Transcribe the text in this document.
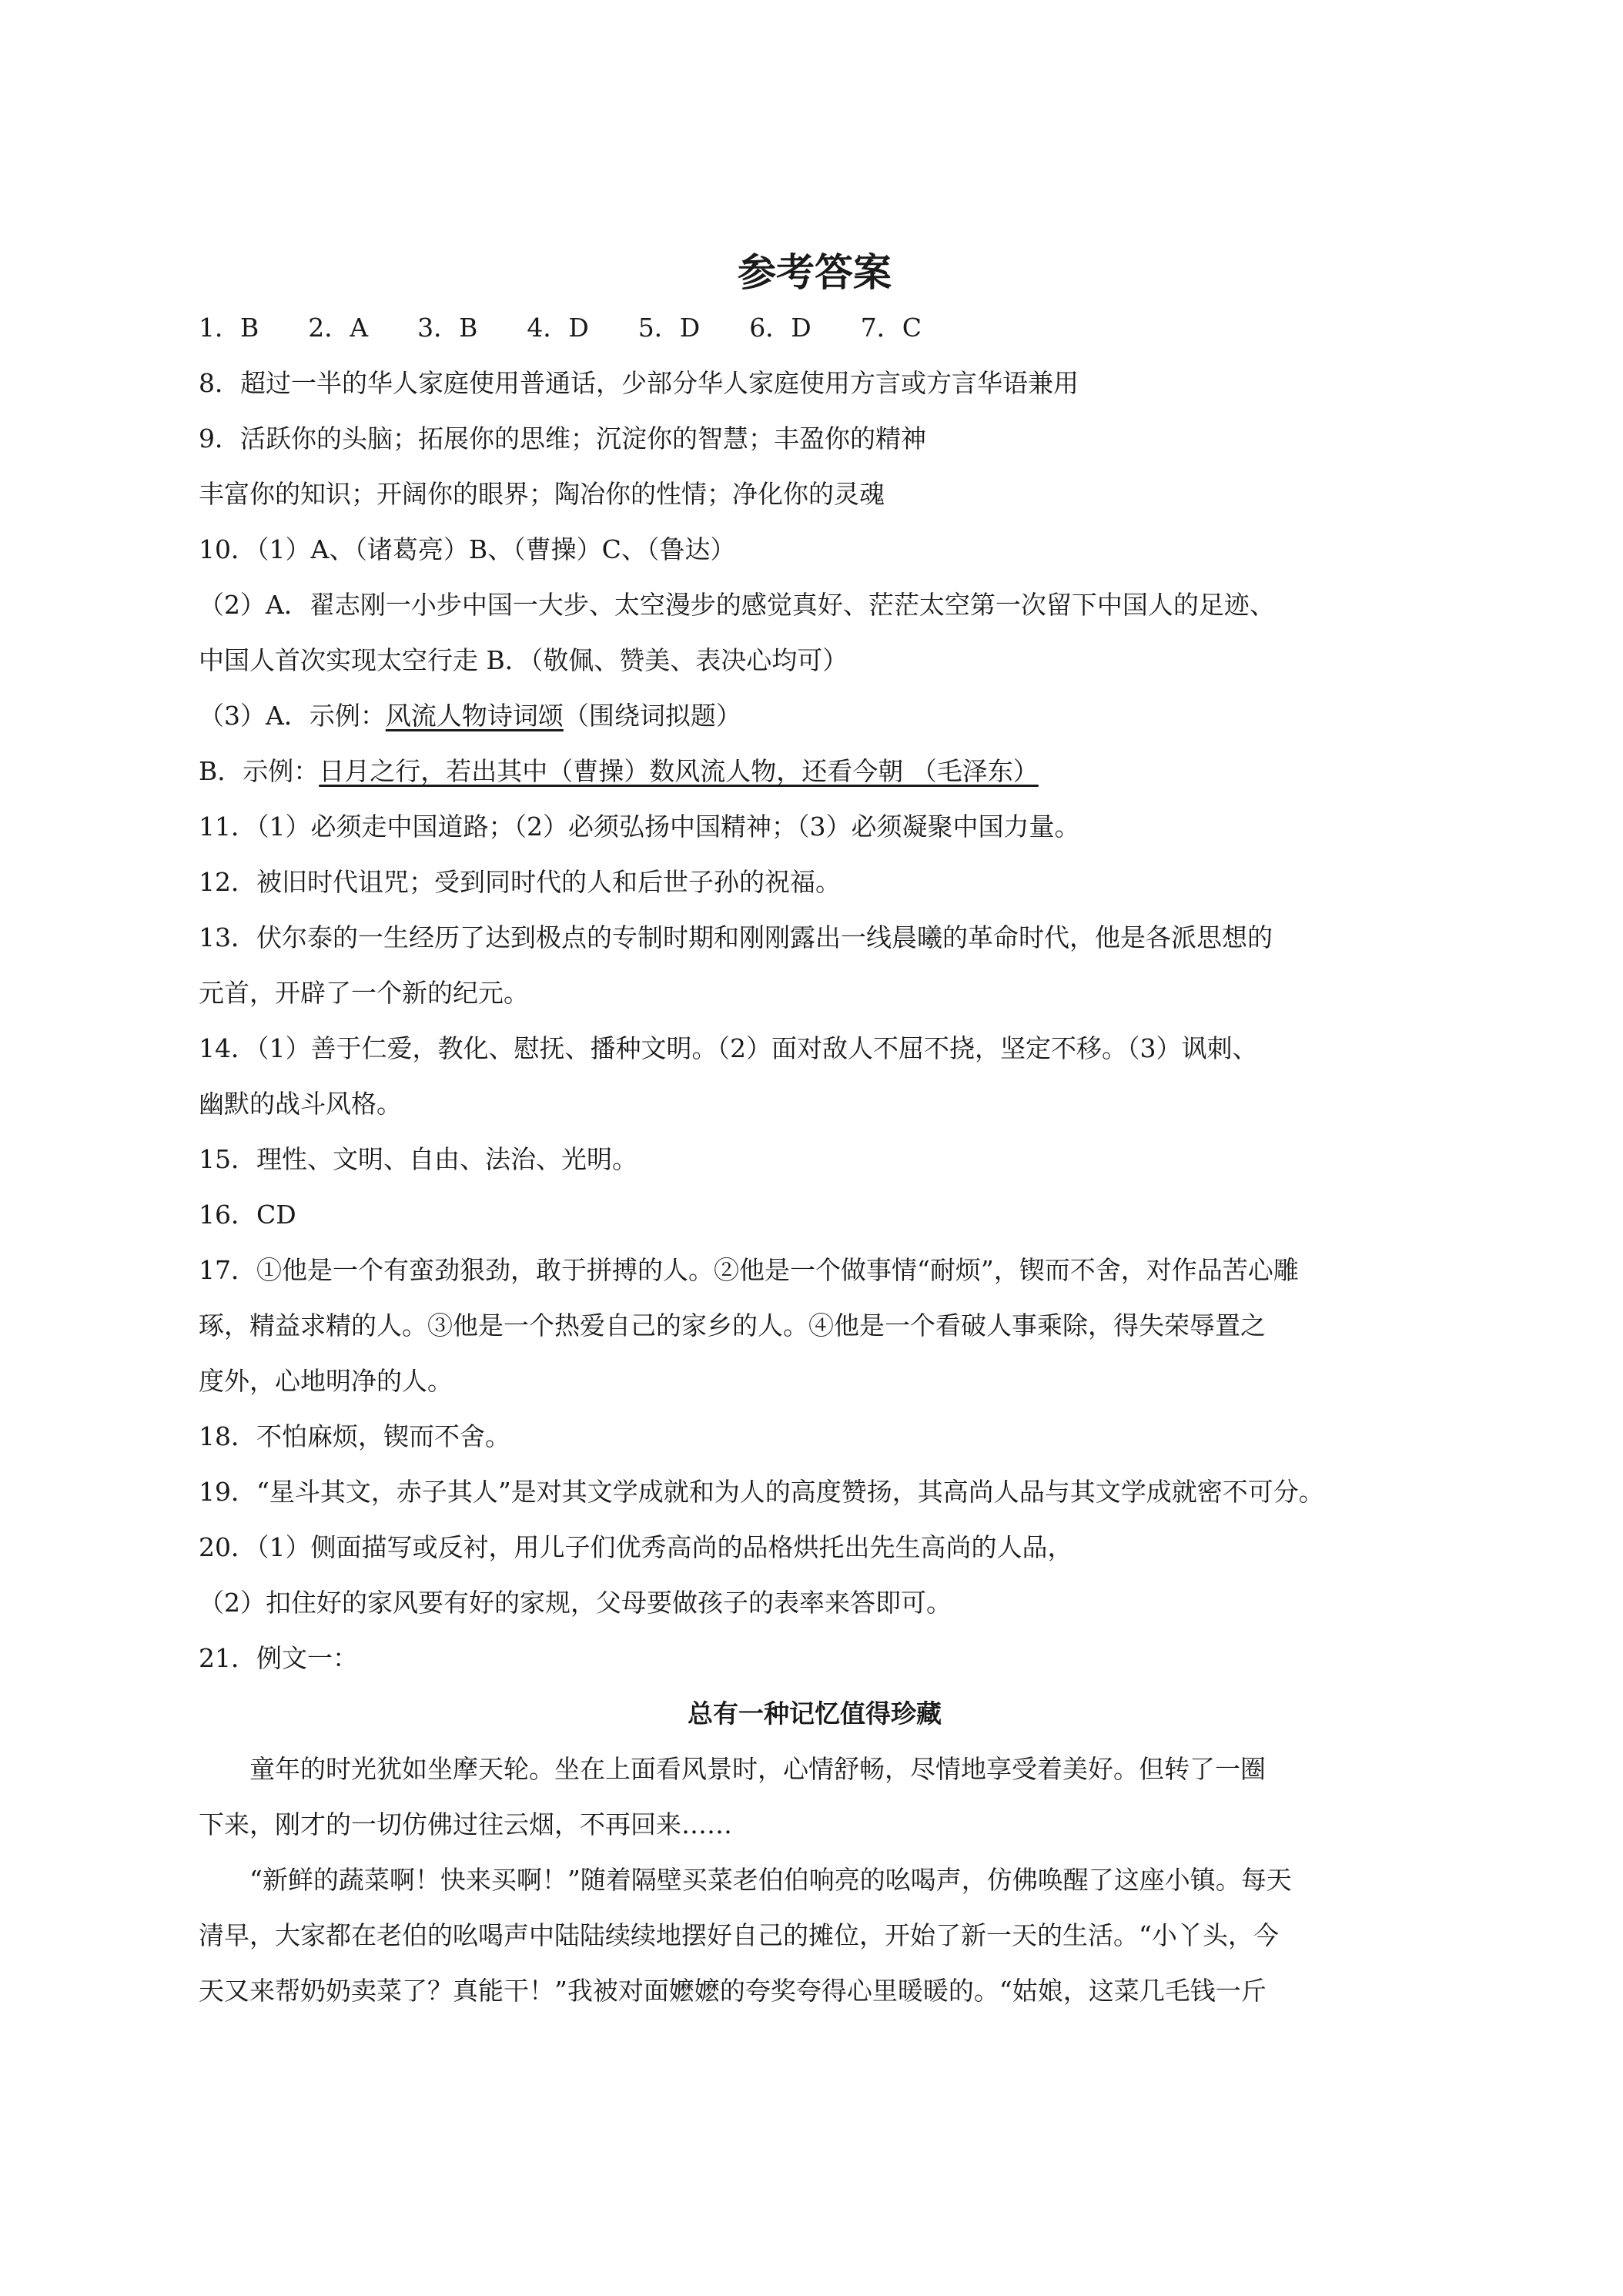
参考答案
1．B 2．A 3．B 4．D 5．D 6．D 7．C
8．超过一半的华人家庭使用普通话，少部分华人家庭使用方言或方言华语兼用
9．活跃你的头脑；拓展你的思维；沉淀你的智慧；丰盈你的精神
丰富你的知识；开阔你的眼界；陶冶你的性情；净化你的灵魂
10．（1）A、（诸葛亮）B、（曹操）C、（鲁达）
（2）A．翟志刚一小步中国一大步、太空漫步的感觉真好、茫茫太空第一次留下中国人的足迹、
中国人首次实现太空行走 B．（敬佩、赞美、表决心均可）
（3）A．示例：风流人物诗词颂（围绕词拟题）
B．示例：日月之行，若出其中（曹操）数风流人物，还看今朝 （毛泽东）
11．（1）必须走中国道路；（2）必须弘扬中国精神；（3）必须凝聚中国力量。
12．被旧时代诅咒；受到同时代的人和后世子孙的祝福。
13．伏尔泰的一生经历了达到极点的专制时期和刚刚露出一线晨曦的革命时代，他是各派思想的
元首，开辟了一个新的纪元。
14．（1）善于仁爱，教化、慰抚、播种文明。（2）面对敌人不屈不挠，坚定不移。（3）讽刺、
幽默的战斗风格。
15．理性、文明、自由、法治、光明。
16．CD
17．①他是一个有蛮劲狠劲，敢于拼搏的人。②他是一个做事情“耐烦”，锲而不舍，对作品苦心雕
琢，精益求精的人。③他是一个热爱自己的家乡的人。④他是一个看破人事乘除，得失荣辱置之
度外，心地明净的人。
18．不怕麻烦，锲而不舍。
19．“星斗其文，赤子其人”是对其文学成就和为人的高度赞扬，其高尚人品与其文学成就密不可分。
20．（1）侧面描写或反衬，用儿子们优秀高尚的品格烘托出先生高尚的人品，
（2）扣住好的家风要有好的家规，父母要做孩子的表率来答即可。
21．例文一：
总有一种记忆值得珍藏
童年的时光犹如坐摩天轮。坐在上面看风景时，心情舒畅，尽情地享受着美好。但转了一圈
下来，刚才的一切仿佛过往云烟，不再回来……
“新鲜的蔬菜啊！快来买啊！”随着隔壁买菜老伯伯响亮的吆喝声，仿佛唤醒了这座小镇。每天
清早，大家都在老伯的吆喝声中陆陆续续地摆好自己的摊位，开始了新一天的生活。“小丫头，今
天又来帮奶奶卖菜了？真能干！”我被对面嬷嬷的夸奖夸得心里暖暖的。“姑娘，这菜几毛钱一斤
